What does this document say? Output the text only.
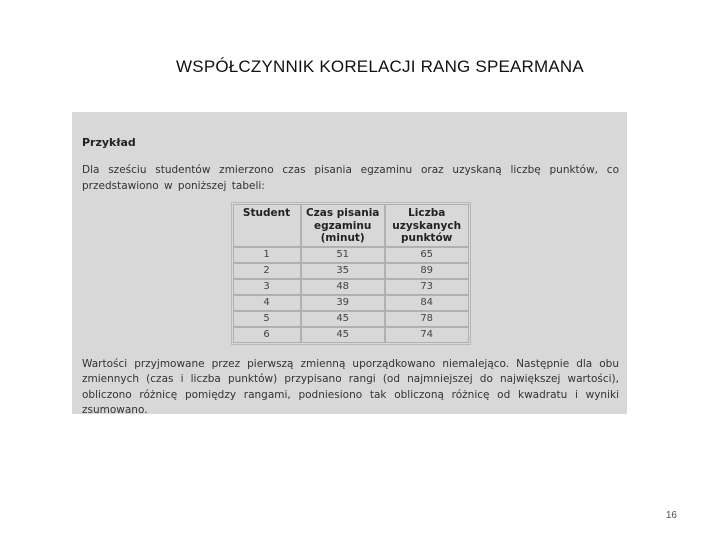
WSPÓŁCZYNNIK KORELACJI RANG SPEARMANA

Przykład

Dla sześciu studentów zmierzono czas pisania egzaminu oraz uzyskaną liczbę punktów, co przedstawiono w poniższej tabeli:

Student	Czas pisania egzaminu (minut)	Liczba uzyskanych punktów
1	51	65
2	35	89
3	48	73
4	39	84
5	45	78
6	45	74

Wartości przyjmowane przez pierwszą zmienną uporządkowano niemalejąco. Następnie dla obu zmiennych (czas i liczba punktów) przypisano rangi (od najmniejszej do największej wartości), obliczono różnicę pomiędzy rangami, podniesiono tak obliczoną różnicę od kwadratu i wyniki zsumowano.

16
